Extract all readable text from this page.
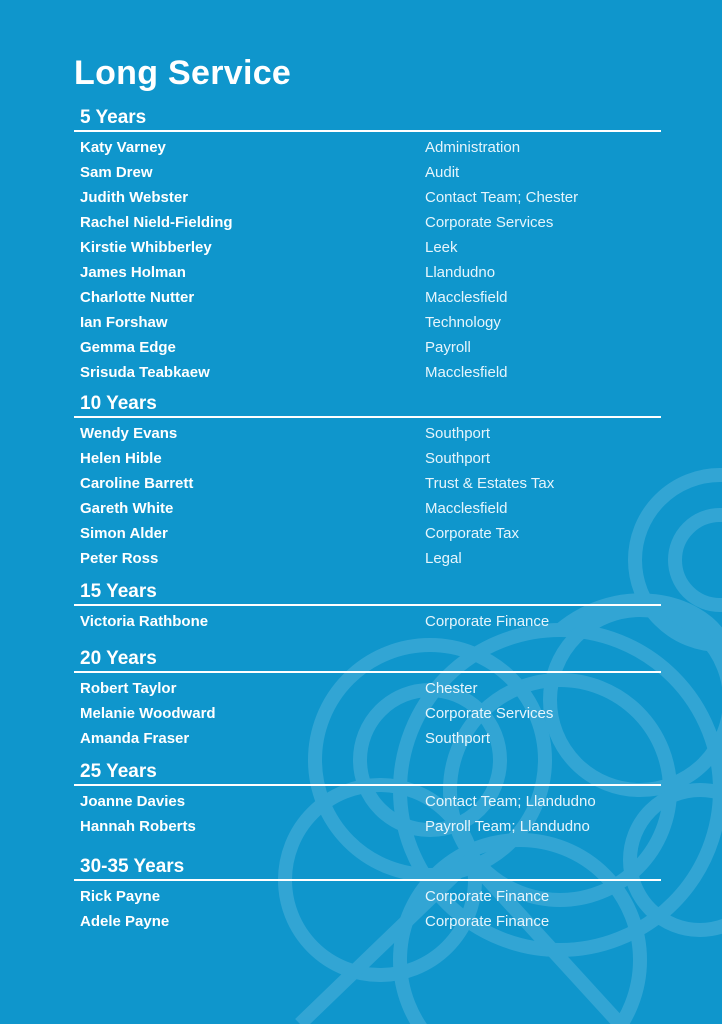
Long Service
5 Years
Katy Varney	Administration
Sam Drew	Audit
Judith Webster	Contact Team; Chester
Rachel Nield-Fielding	Corporate Services
Kirstie Whibberley	Leek
James Holman	Llandudno
Charlotte Nutter	Macclesfield
Ian Forshaw	Technology
Gemma Edge	Payroll
Srisuda Teabkaew	Macclesfield
10 Years
Wendy Evans	Southport
Helen Hible	Southport
Caroline Barrett	Trust & Estates Tax
Gareth White	Macclesfield
Simon Alder	Corporate Tax
Peter Ross	Legal
15 Years
Victoria Rathbone	Corporate Finance
20 Years
Robert Taylor	Chester
Melanie Woodward	Corporate Services
Amanda Fraser	Southport
25 Years
Joanne Davies	Contact Team; Llandudno
Hannah Roberts	Payroll Team; Llandudno
30-35 Years
Rick Payne	Corporate Finance
Adele Payne	Corporate Finance
